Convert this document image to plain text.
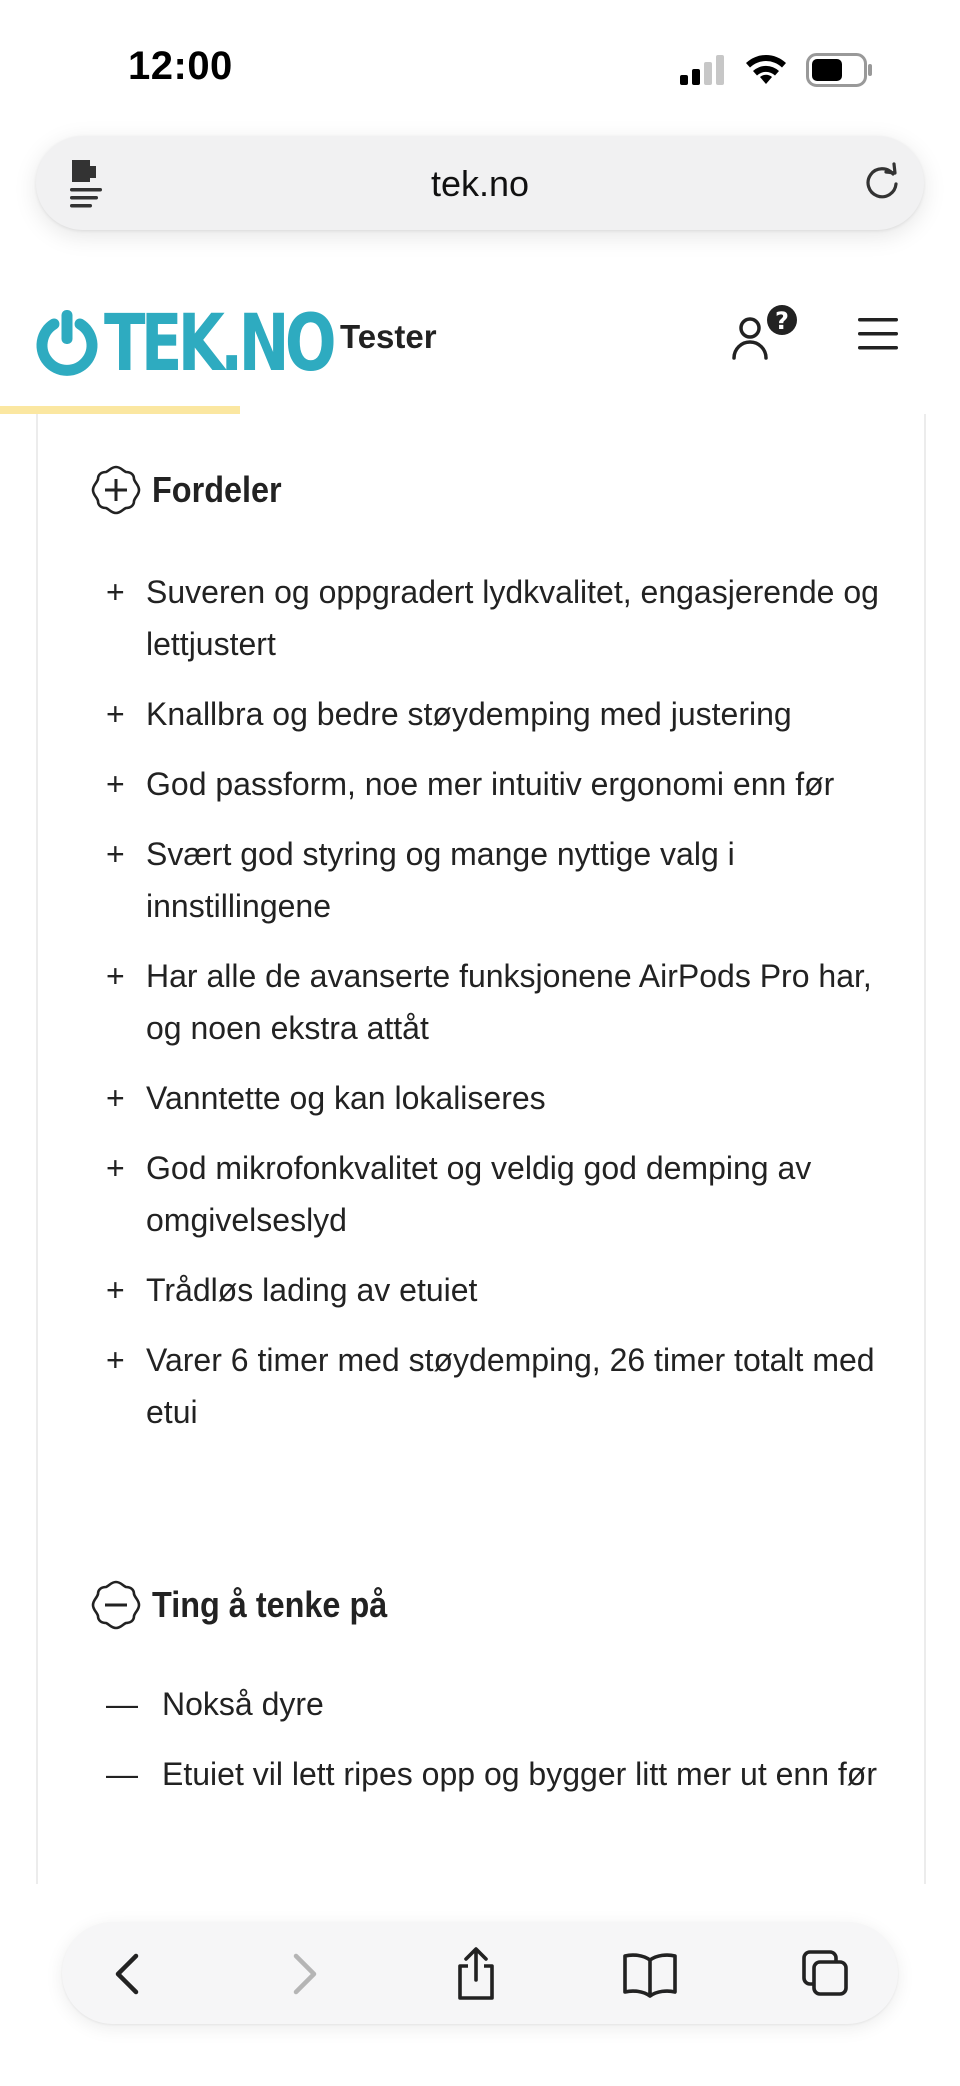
12:00
tek.no
TEK.NO Tester	?
Fordeler
+ Suveren og oppgradert lydkvalitet, engasjerende og lettjustert
+ Knallbra og bedre støydemping med justering
+ God passform, noe mer intuitiv ergonomi enn før
+ Svært god styring og mange nyttige valg i innstillingene
+ Har alle de avanserte funksjonene AirPods Pro har, og noen ekstra attåt
+ Vanntette og kan lokaliseres
+ God mikrofonkvalitet og veldig god demping av omgivelseslyd
+ Trådløs lading av etuiet
+ Varer 6 timer med støydemping, 26 timer totalt med etui
Ting å tenke på
— Nokså dyre
— Etuiet vil lett ripes opp og bygger litt mer ut enn før
